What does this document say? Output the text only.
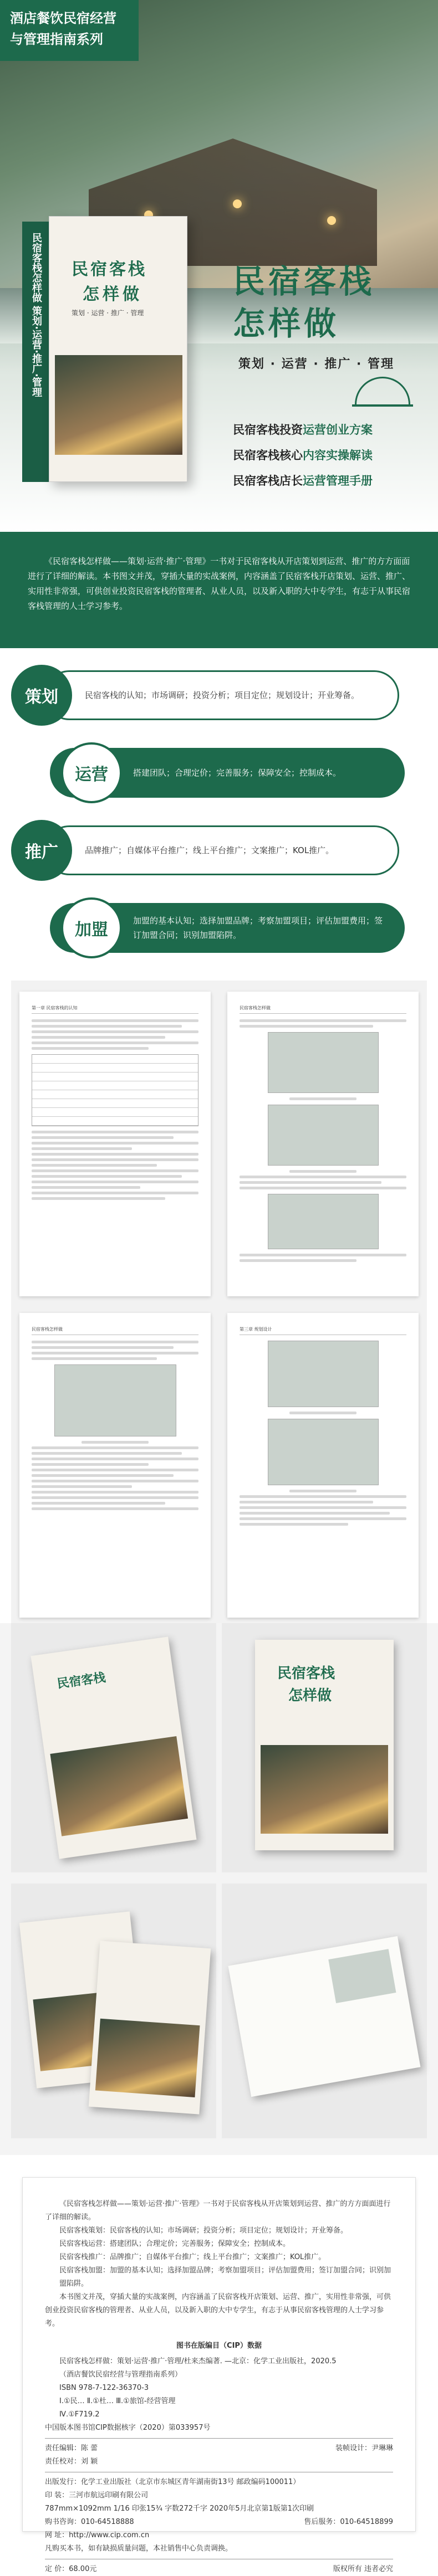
酒店餐饮民宿经营
与管理指南系列
民宿客栈怎样做 策划·运营·推广·管理	民宿客栈
怎样做
策划 · 运营 · 推广 · 管理
民宿客栈
怎样做
策划 · 运营 · 推广 · 管理
民宿客栈投资运营创业方案
民宿客栈核心内容实操解读
民宿客栈店长运营管理手册

《民宿客栈怎样做——策划·运营·推广·管理》一书对于民宿客栈从开店策划到运营、推广的方方面面进行了详细的解读。本书图文并茂，穿插大量的实战案例，内容涵盖了民宿客栈开店策划、运营、推广、实用性非常强，可供创业投资民宿客栈的管理者、从业人员，以及新入职的大中专学生，有志于从事民宿客栈管理的人士学习参考。

民宿客栈的认知；市场调研；投资分析；项目定位；规划设计；开业筹备。
策划
搭建团队；合理定价；完善服务；保障安全；控制成本。
运营
品牌推广；自媒体平台推广；线上平台推广；文案推广；KOL推广。
推广
加盟的基本认知；选择加盟品牌；考察加盟项目；评估加盟费用；签订加盟合同；识别加盟陷阱。
加盟
第一章 民宿客栈的认知	民宿客栈怎样做
民宿客栈怎样做	第三章 规划设计
民宿客栈	民宿客栈
怎样做

《民宿客栈怎样做——策划·运营·推广·管理》一书对于民宿客栈从开店策划到运营、推广的方方面面进行了详细的解读。

民宿客栈策划：民宿客栈的认知；市场调研；投资分析；项目定位；规划设计；开业筹备。

民宿客栈运营：搭建团队；合理定价；完善服务；保障安全；控制成本。

民宿客栈推广：品牌推广；自媒体平台推广；线上平台推广；文案推广；KOL推广。

民宿客栈加盟：加盟的基本认知；选择加盟品牌；考察加盟项目；评估加盟费用；签订加盟合同；识别加盟陷阱。

本书图文并茂，穿插大量的实战案例，内容涵盖了民宿客栈开店策划、运营、推广，实用性非常强，可供创业投资民宿客栈的管理者、从业人员，以及新入职的大中专学生，有志于从事民宿客栈管理的人士学习参考。

图书在版编目（CIP）数据

民宿客栈怎样做：策划·运营·推广·管理/杜来杰编著. —北京：化学工业出版社，2020.5

（酒店餐饮民宿经营与管理指南系列）

ISBN 978-7-122-36370-3

Ⅰ.①民… Ⅱ.①杜… Ⅲ.①旅馆-经营管理

Ⅳ.①F719.2

中国版本图书馆CIP数据核字（2020）第033957号

责任编辑：陈 蕾	装帧设计：尹琳琳

责任校对：刘 颖

出版发行：化学工业出版社（北京市东城区青年湖南街13号 邮政编码100011）

印 装：三河市航远印刷有限公司

787mm×1092mm 1/16 印张15¾ 字数272千字 2020年5月北京第1版第1次印刷

购书咨询：010-64518888	售后服务：010-64518899

网 址：http://www.cip.com.cn

凡购买本书，如有缺损质量问题，本社销售中心负责调换。

定 价：68.00元	版权所有 违者必究
